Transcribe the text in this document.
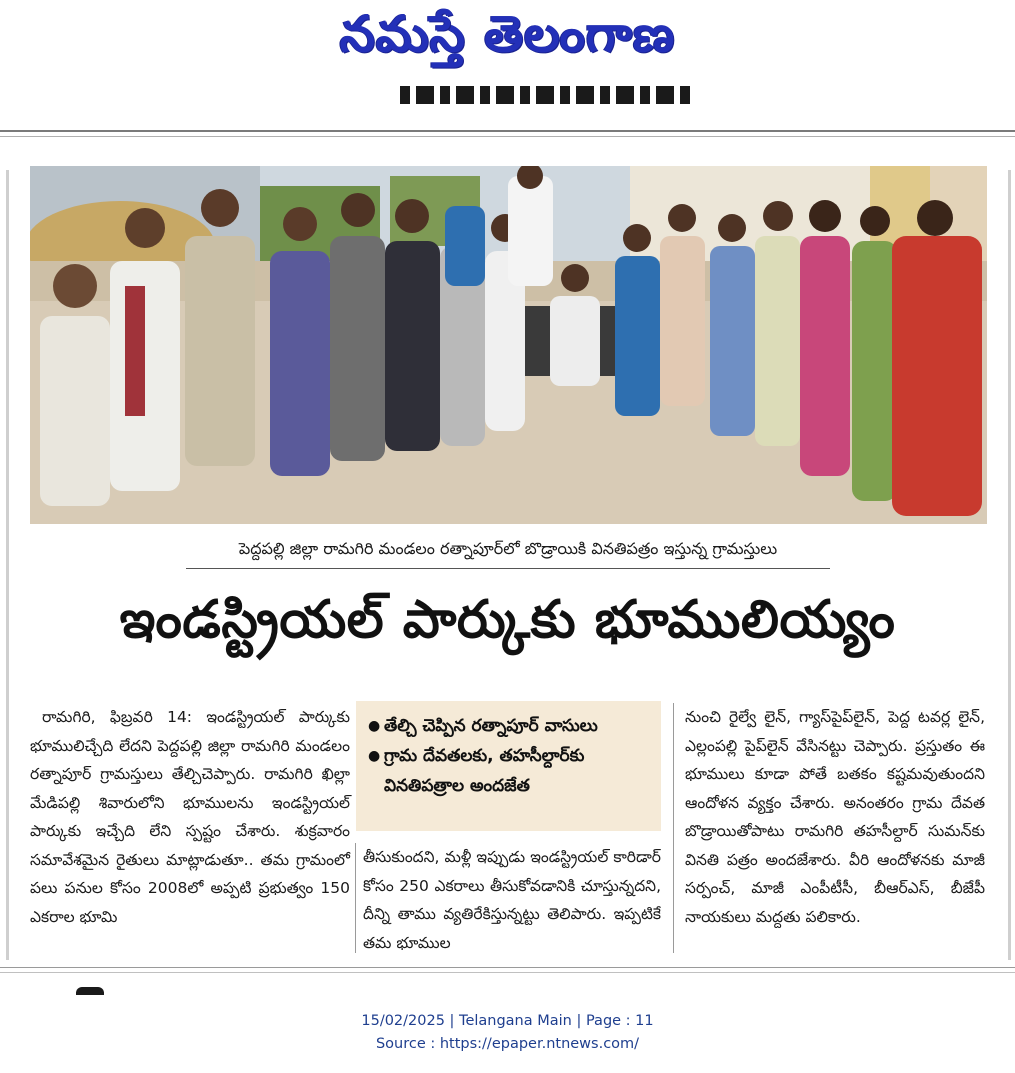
నమస్తే తెలంగాణ
పెద్దపల్లి జిల్లా రామగిరి మండలం రత్నాపూర్‌లో బొడ్రాయికి వినతిపత్రం ఇస్తున్న గ్రామస్తులు
ఇండస్ట్రియల్ పార్కుకు భూములియ్యం
రామగిరి, ఫిబ్రవరి 14: ఇండస్ట్రియల్ పార్కుకు భూములిచ్చేది లేదని పెద్దపల్లి జిల్లా రామగిరి మండలం రత్నాపూర్ గ్రామస్తులు తేల్చిచెప్పారు. రామగిరి ఖిల్లా మేడిపల్లి శివారులోని భూములను ఇండస్ట్రియల్ పార్కుకు ఇచ్చేది లేని స్పష్టం చేశారు. శుక్రవారం సమావేశమైన రైతులు మాట్లాడుతూ.. తమ గ్రామంలో పలు పనుల కోసం 2008లో అప్పటి ప్రభుత్వం 150 ఎకరాల భూమి
● తేల్చి చెప్పిన రత్నాపూర్ వాసులు
● గ్రామ దేవతలకు, తహసీల్దార్‌కు వినతిపత్రాల అందజేత
తీసుకుందని, మళ్లీ ఇప్పుడు ఇండస్ట్రియల్ కారిడార్ కోసం 250 ఎకరాలు తీసుకోవడానికి చూస్తున్నదని, దీన్ని తాము వ్యతిరేకిస్తున్నట్టు తెలిపారు. ఇప్పటికే తమ భూముల
నుంచి రైల్వే లైన్, గ్యాస్‌పైప్‌లైన్, పెద్ద టవర్ల లైన్, ఎల్లంపల్లి పైప్‌లైన్ వేసినట్టు చెప్పారు. ప్రస్తుతం ఈ భూములు కూడా పోతే బతకం కష్టమవుతుందని ఆందోళన వ్యక్తం చేశారు. అనంతరం గ్రామ దేవత బొడ్రాయితోపాటు రామగిరి తహసీల్దార్ సుమన్‌కు వినతి పత్రం అందజేశారు. వీరి ఆందోళనకు మాజీ సర్పంచ్, మాజీ ఎంపీటీసీ, బీఆర్‌ఎస్, బీజేపీ నాయకులు మద్దతు పలికారు.
15/02/2025 | Telangana Main | Page : 11
Source : https://epaper.ntnews.com/
